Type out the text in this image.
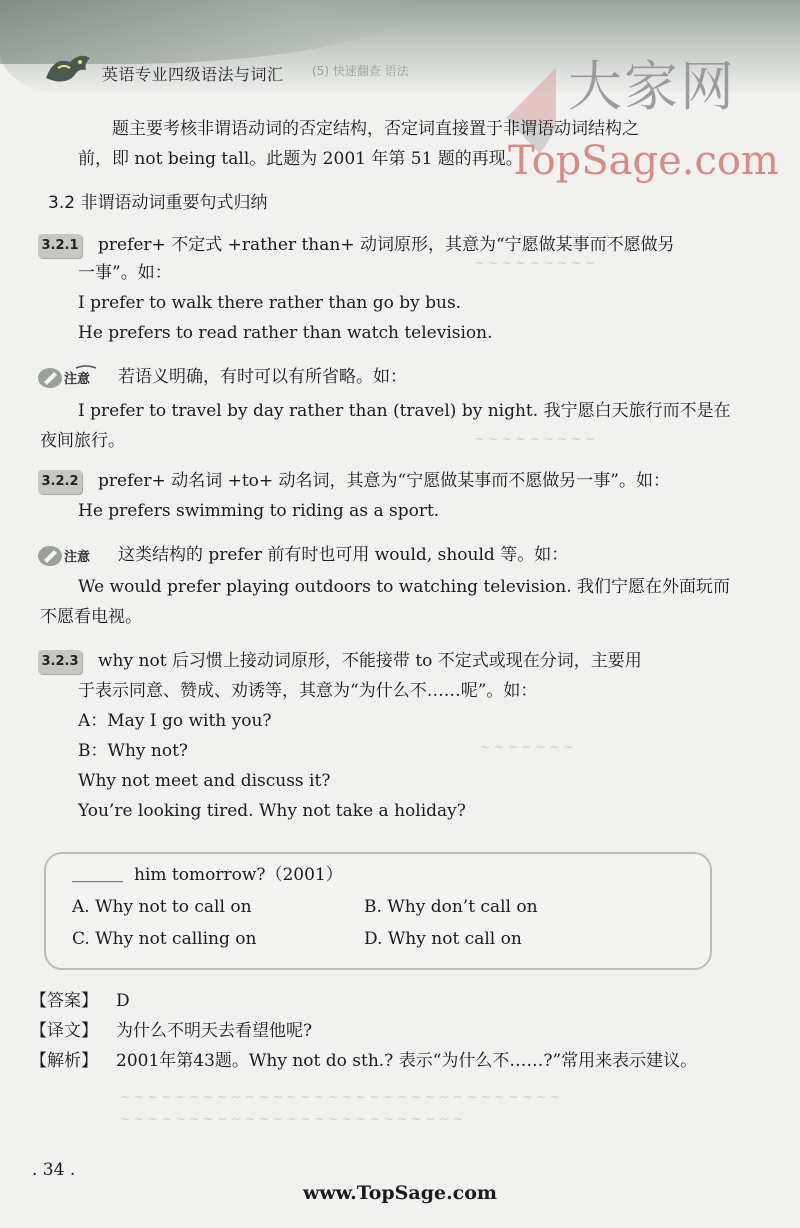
英语专业四级语法与词汇 (5) 快速翻查 语法	大家网
TopSage.com
~ ~ ~ ~ ~ ~ ~ ~ ~
~ ~ ~ ~ ~ ~ ~ ~ ~
~ ~ ~ ~ ~ ~ ~
~ ~ ~ ~ ~ ~ ~ ~ ~ ~ ~ ~ ~ ~ ~ ~ ~ ~ ~ ~ ~ ~ ~ ~ ~ ~ ~ ~ ~ ~ ~ ~
~ ~ ~ ~ ~ ~ ~ ~ ~ ~ ~ ~ ~ ~ ~ ~ ~ ~ ~ ~ ~ ~ ~ ~ ~
题主要考核非谓语动词的否定结构，否定词直接置于非谓语动词结构之
前，即 not being tall。此题为 2001 年第 51 题的再现。
3.2 非谓语动词重要句式归纳
3.2.1 prefer+ 不定式 +rather than+ 动词原形，其意为“宁愿做某事而不愿做另
一事”。如：
I prefer to walk there rather than go by bus.
He prefers to read rather than watch television.
注意 若语义明确，有时可以有所省略。如：
I prefer to travel by day rather than (travel) by night. 我宁愿白天旅行而不是在
夜间旅行。
3.2.2 prefer+ 动名词 +to+ 动名词，其意为“宁愿做某事而不愿做另一事”。如：
He prefers swimming to riding as a sport.
注意 这类结构的 prefer 前有时也可用 would, should 等。如：
We would prefer playing outdoors to watching television. 我们宁愿在外面玩而
不愿看电视。
3.2.3 why not 后习惯上接动词原形，不能接带 to 不定式或现在分词，主要用
于表示同意、赞成、劝诱等，其意为“为什么不……呢”。如：
A：May I go with you?
B：Why not?
Why not meet and discuss it?
You’re looking tired. Why not take a holiday?
______ him tomorrow?（2001）
A. Why not to call on	B. Why don’t call on
C. Why not calling on	D. Why not call on
【答案】 D
【译文】 为什么不明天去看望他呢?
【解析】 2001年第43题。Why not do sth.? 表示“为什么不……?”常用来表示建议。
. 34 .
www.TopSage.com
